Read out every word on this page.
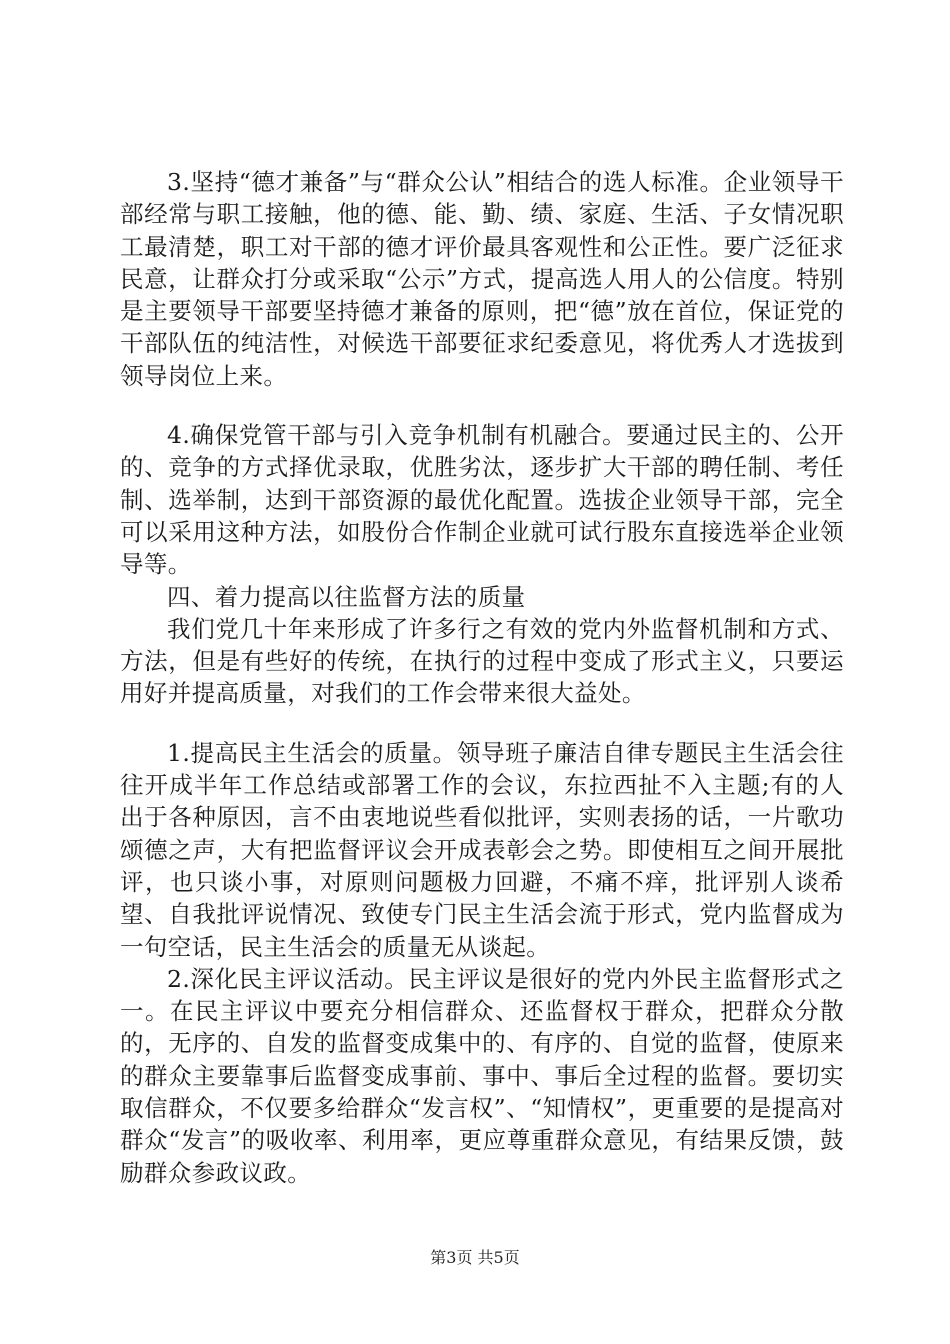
3.坚持“德才兼备”与“群众公认”相结合的选人标准。企业领导干部经常与职工接触，他的德、能、勤、绩、家庭、生活、子女情况职工最清楚，职工对干部的德才评价最具客观性和公正性。要广泛征求民意，让群众打分或采取“公示”方式，提高选人用人的公信度。特别是主要领导干部要坚持德才兼备的原则，把“德”放在首位，保证党的干部队伍的纯洁性，对候选干部要征求纪委意见，将优秀人才选拔到领导岗位上来。

4.确保党管干部与引入竞争机制有机融合。要通过民主的、公开的、竞争的方式择优录取，优胜劣汰，逐步扩大干部的聘任制、考任制、选举制，达到干部资源的最优化配置。选拔企业领导干部，完全可以采用这种方法，如股份合作制企业就可试行股东直接选举企业领导等。

四、着力提高以往监督方法的质量

我们党几十年来形成了许多行之有效的党内外监督机制和方式、方法，但是有些好的传统，在执行的过程中变成了形式主义，只要运用好并提高质量，对我们的工作会带来很大益处。

1.提高民主生活会的质量。领导班子廉洁自律专题民主生活会往往开成半年工作总结或部署工作的会议，东拉西扯不入主题;有的人出于各种原因，言不由衷地说些看似批评，实则表扬的话，一片歌功颂德之声，大有把监督评议会开成表彰会之势。即使相互之间开展批评，也只谈小事，对原则问题极力回避，不痛不痒，批评别人谈希望、自我批评说情况、致使专门民主生活会流于形式，党内监督成为一句空话，民主生活会的质量无从谈起。

2.深化民主评议活动。民主评议是很好的党内外民主监督形式之一。在民主评议中要充分相信群众、还监督权于群众，把群众分散的，无序的、自发的监督变成集中的、有序的、自觉的监督，使原来的群众主要靠事后监督变成事前、事中、事后全过程的监督。要切实取信群众，不仅要多给群众“发言权”、“知情权”，更重要的是提高对群众“发言”的吸收率、利用率，更应尊重群众意见，有结果反馈，鼓励群众参政议政。

第3页 共5页
